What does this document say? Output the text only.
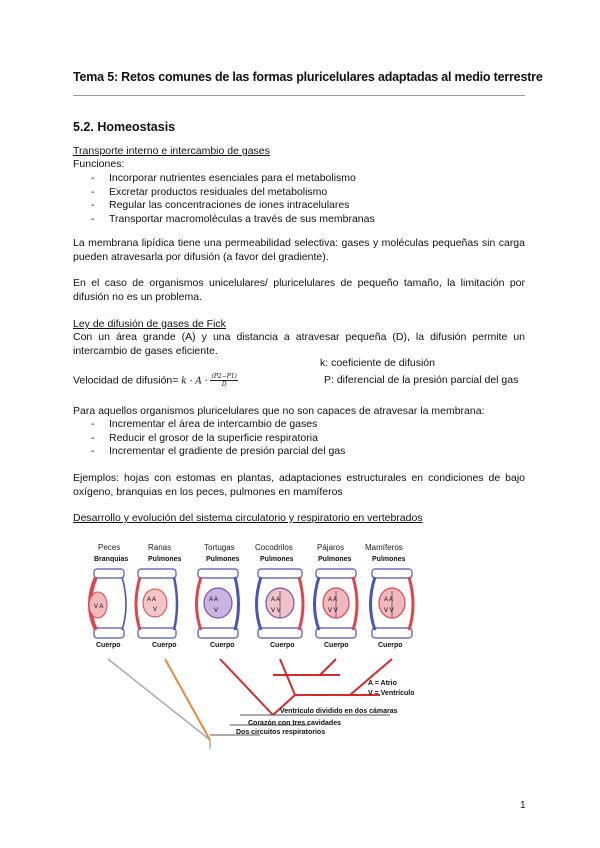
Tema 5: Retos comunes de las formas pluricelulares adaptadas al medio terrestre
5.2. Homeostasis
Transporte interno e intercambio de gases
Funciones:
- Incorporar nutrientes esenciales para el metabolismo
- Excretar productos residuales del metabolismo
- Regular las concentraciones de iones intracelulares
- Transportar macromoléculas a través de sus membranas
La membrana lipídica tiene una permeabilidad selectiva: gases y moléculas pequeñas sin carga pueden atravesarla por difusión (a favor del gradiente).
En el caso de organismos unicelulares/ pluricelulares de pequeño tamaño, la limitación por difusión no es un problema.
Ley de difusión de gases de Fick
Con un área grande (A) y una distancia a atravesar pequeña (D), la difusión permite un intercambio de gases eficiente.
k: coeficiente de difusión
Velocidad de difusión= $k \cdot A \cdot \frac{(P2-P1)}{D}$	P: diferencial de la presión parcial del gas
Para aquellos organismos pluricelulares que no son capaces de atravesar la membrana:
- Incrementar el área de intercambio de gases
- Reducir el grosor de la superficie respiratoria
- Incrementar el gradiente de presión parcial del gas
Ejemplos: hojas con estomas en plantas, adaptaciones estructurales en condiciones de bajo oxígeno, branquias en los peces, pulmones en mamíferos
Desarrollo y evolución del sistema circulatorio y respiratorio en vertebrados
Peces	Ranas	Tortugas	Cocodrilos	Pájaros	Mamíferos
Branquias	Pulmones	Pulmones	Pulmones	Pulmones	Pulmones
V A
A A
V
A A
V
A A
V V
A A
V V
A A
V V
Cuerpo	Cuerpo	Cuerpo	Cuerpo	Cuerpo	Cuerpo
A = Atrio
V = Ventrículo
Ventrículo dividido en dos cámaras
Corazón con tres cavidades
Dos circuitos respiratorios
1
